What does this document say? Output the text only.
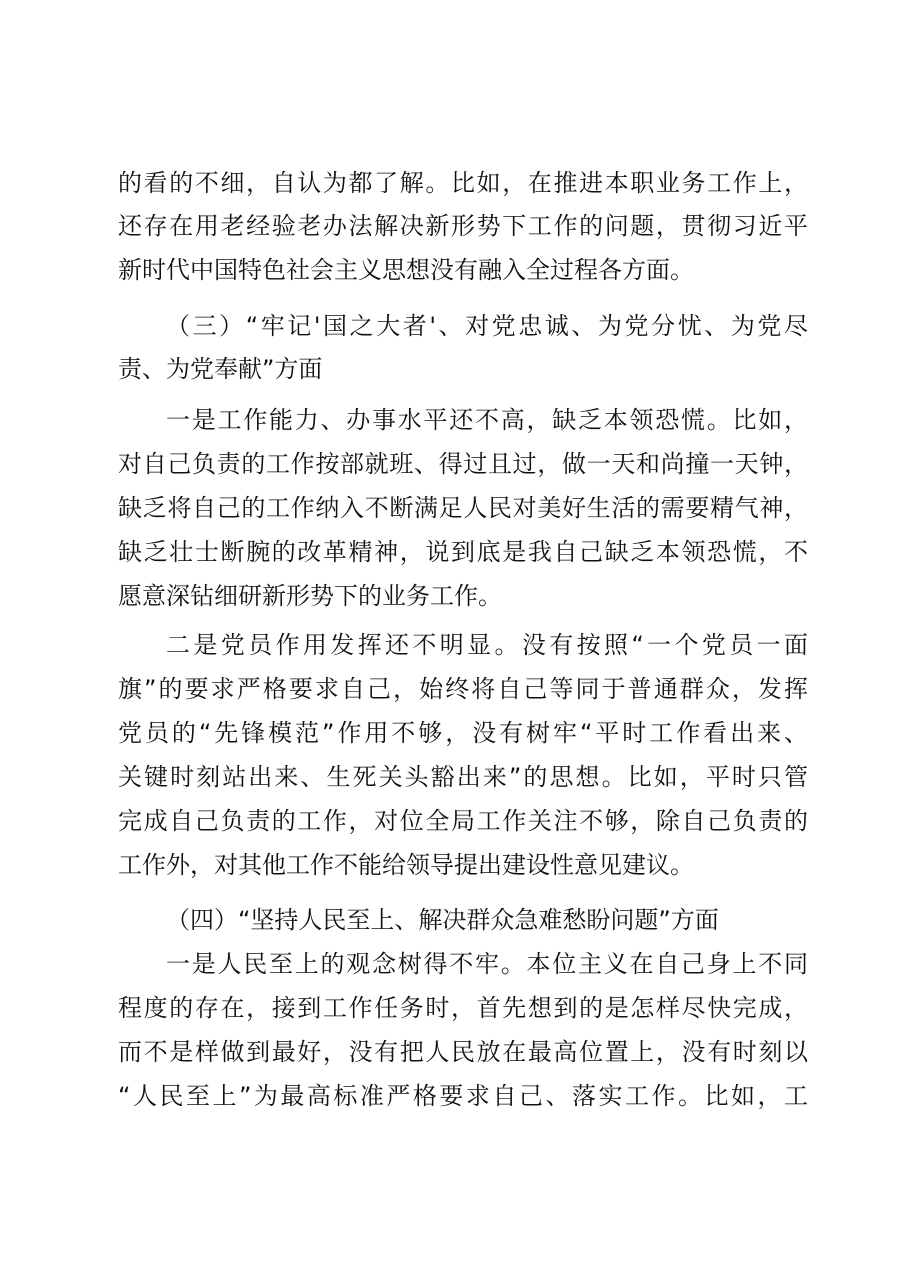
的看的不细，自认为都了解。比如，在推进本职业务工作上，
还存在用老经验老办法解决新形势下工作的问题，贯彻习近平
新时代中国特色社会主义思想没有融入全过程各方面。
（三）“牢记'国之大者'、对党忠诚、为党分忧、为党尽
责、为党奉献”方面
一是工作能力、办事水平还不高，缺乏本领恐慌。比如，
对自己负责的工作按部就班、得过且过，做一天和尚撞一天钟，
缺乏将自己的工作纳入不断满足人民对美好生活的需要精气神，
缺乏壮士断腕的改革精神，说到底是我自己缺乏本领恐慌，不
愿意深钻细研新形势下的业务工作。
二是党员作用发挥还不明显。没有按照“一个党员一面
旗”的要求严格要求自己，始终将自己等同于普通群众，发挥
党员的“先锋模范”作用不够，没有树牢“平时工作看出来、
关键时刻站出来、生死关头豁出来”的思想。比如，平时只管
完成自己负责的工作，对位全局工作关注不够，除自己负责的
工作外，对其他工作不能给领导提出建设性意见建议。
（四）“坚持人民至上、解决群众急难愁盼问题”方面
一是人民至上的观念树得不牢。本位主义在自己身上不同
程度的存在，接到工作任务时，首先想到的是怎样尽快完成，
而不是样做到最好，没有把人民放在最高位置上，没有时刻以
“人民至上”为最高标准严格要求自己、落实工作。比如，工
